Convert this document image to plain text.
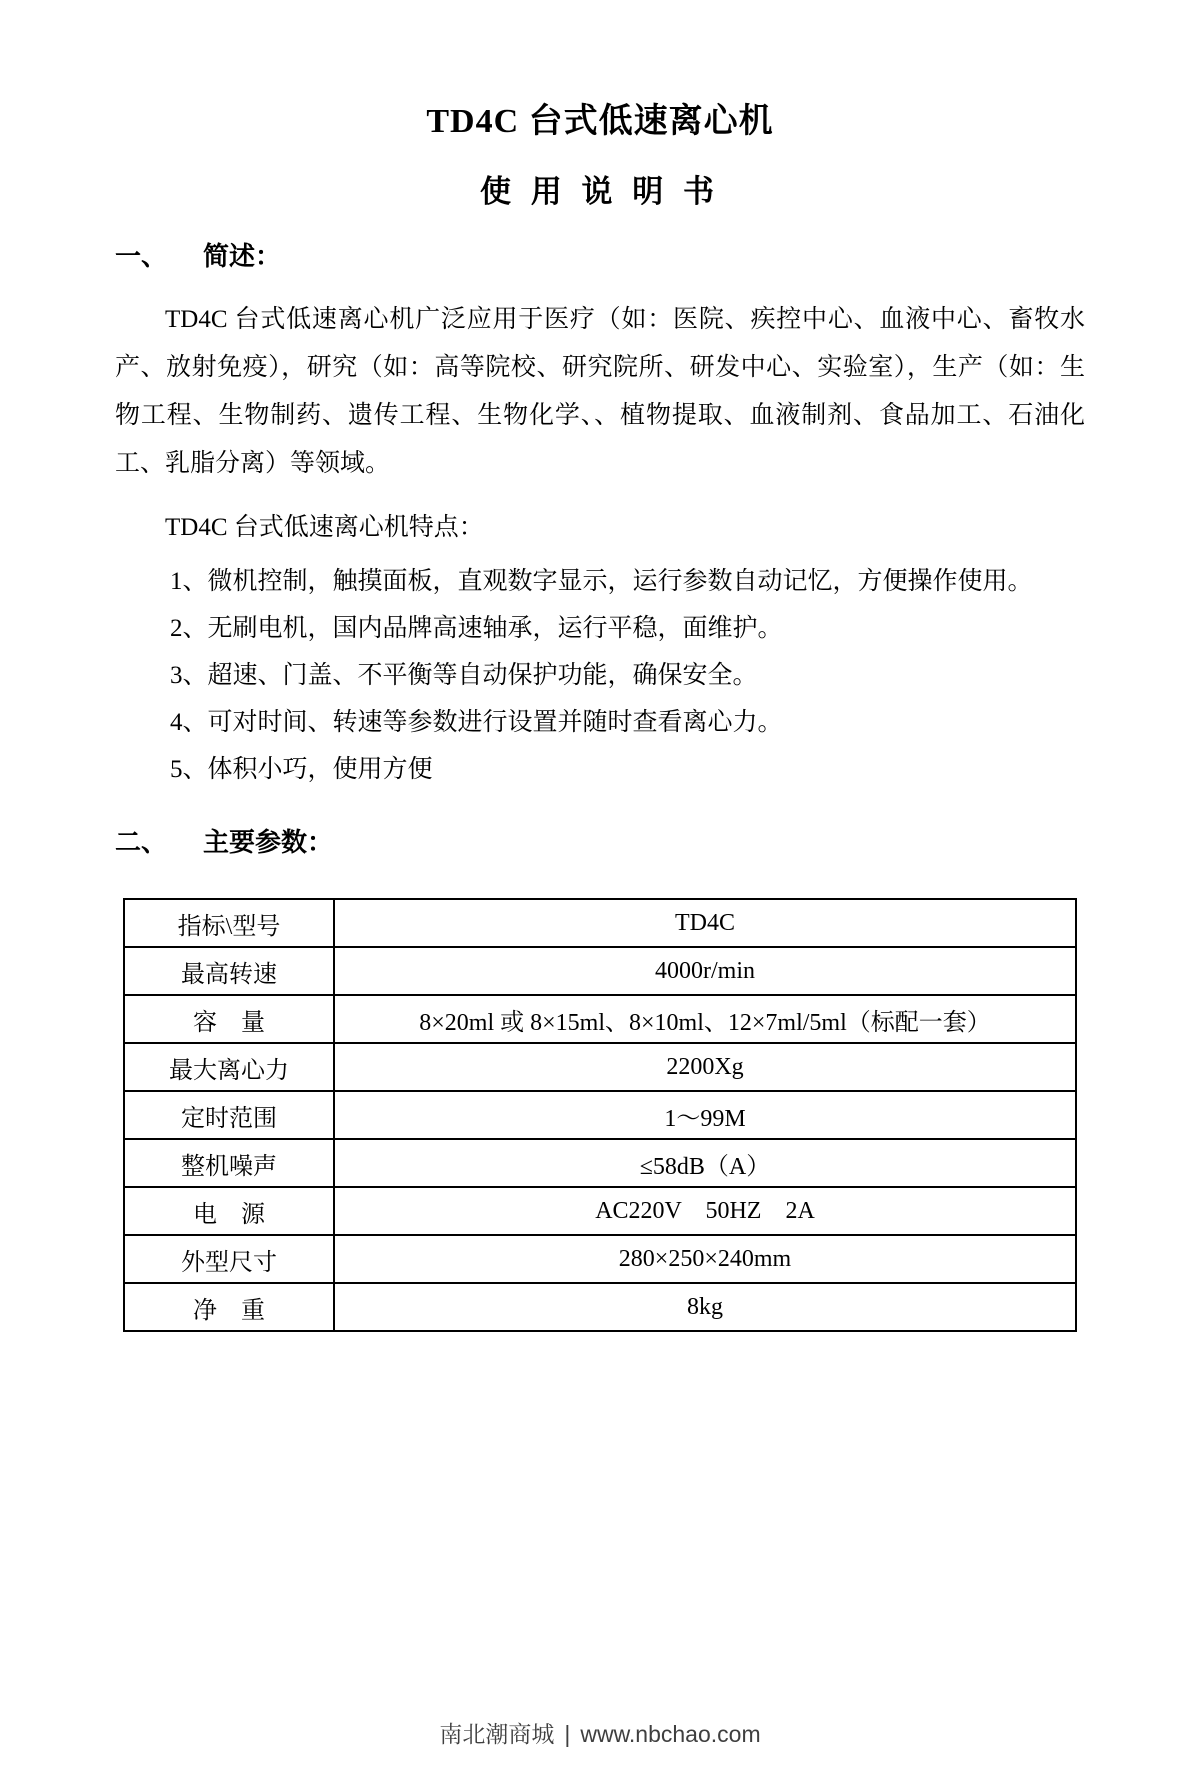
TD4C 台式低速离心机
使 用 说 明 书
一、 简述：
TD4C 台式低速离心机广泛应用于医疗（如：医院、疾控中心、血液中心、畜牧水产、放射免疫），研究（如：高等院校、研究院所、研发中心、实验室），生产（如：生物工程、生物制药、遗传工程、生物化学、、植物提取、血液制剂、食品加工、石油化工、乳脂分离）等领域。
TD4C 台式低速离心机特点：
1、微机控制，触摸面板，直观数字显示，运行参数自动记忆，方便操作使用。
2、无刷电机，国内品牌高速轴承，运行平稳，面维护。
3、超速、门盖、不平衡等自动保护功能，确保安全。
4、可对时间、转速等参数进行设置并随时查看离心力。
5、体积小巧，使用方便
二、 主要参数：
指标\型号	TD4C
最高转速	4000r/min
容    量	8×20ml 或 8×15ml、8×10ml、12×7ml/5ml（标配一套）
最大离心力	2200Xg
定时范围	1～99M
整机噪声	≤58dB（A）
电    源	AC220V    50HZ    2A
外型尺寸	280×250×240mm
净    重	8kg
南北潮商城 | www.nbchao.com
